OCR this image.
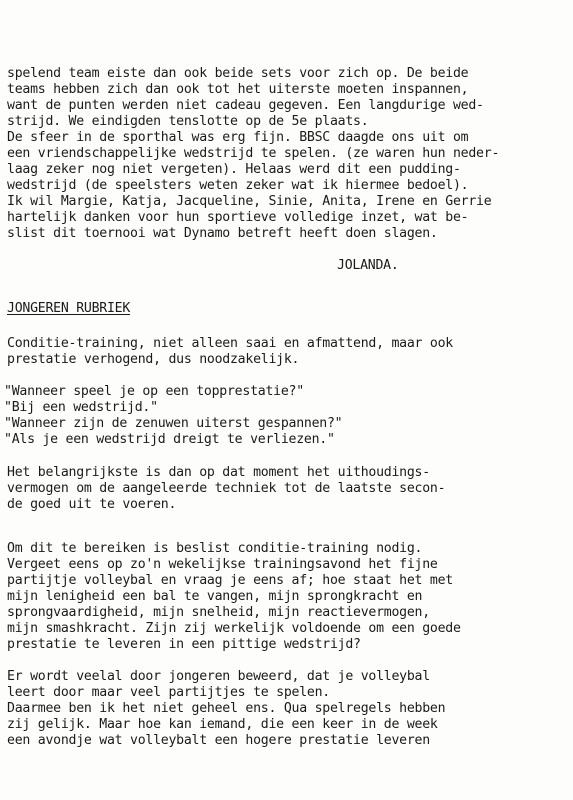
spelend team eiste dan ook beide sets voor zich op. De beide

teams hebben zich dan ook tot het uiterste moeten inspannen,

want de punten werden niet cadeau gegeven. Een langdurige wed-

strijd. We eindigden tenslotte op de 5e plaats.

De sfeer in de sporthal was erg fijn. BBSC daagde ons uit om

een vriendschappelijke wedstrijd te spelen. (ze waren hun neder-

laag zeker nog niet vergeten). Helaas werd dit een pudding-

wedstrijd (de speelsters weten zeker wat ik hiermee bedoel).

Ik wil Margie, Katja, Jacqueline, Sinie, Anita, Irene en Gerrie

hartelijk danken voor hun sportieve volledige inzet, wat be-

slist dit toernooi wat Dynamo betreft heeft doen slagen.

JOLANDA.

JONGEREN RUBRIEK

Conditie-training, niet alleen saai en afmattend, maar ook

prestatie verhogend, dus noodzakelijk.

"Wanneer speel je op een topprestatie?"

"Bij een wedstrijd."

"Wanneer zijn de zenuwen uiterst gespannen?"

"Als je een wedstrijd dreigt te verliezen."

Het belangrijkste is dan op dat moment het uithoudings-

vermogen om de aangeleerde techniek tot de laatste secon-

de goed uit te voeren.

Om dit te bereiken is beslist conditie-training nodig.

Vergeet eens op zo'n wekelijkse trainingsavond het fijne

partijtje volleybal en vraag je eens af; hoe staat het met

mijn lenigheid een bal te vangen, mijn sprongkracht en

sprongvaardigheid, mijn snelheid, mijn reactievermogen,

mijn smashkracht. Zijn zij werkelijk voldoende om een goede

prestatie te leveren in een pittige wedstrijd?

Er wordt veelal door jongeren beweerd, dat je volleybal

leert door maar veel partijtjes te spelen.

Daarmee ben ik het niet geheel ens. Qua spelregels hebben

zij gelijk. Maar hoe kan iemand, die een keer in de week

een avondje wat volleybalt een hogere prestatie leveren
